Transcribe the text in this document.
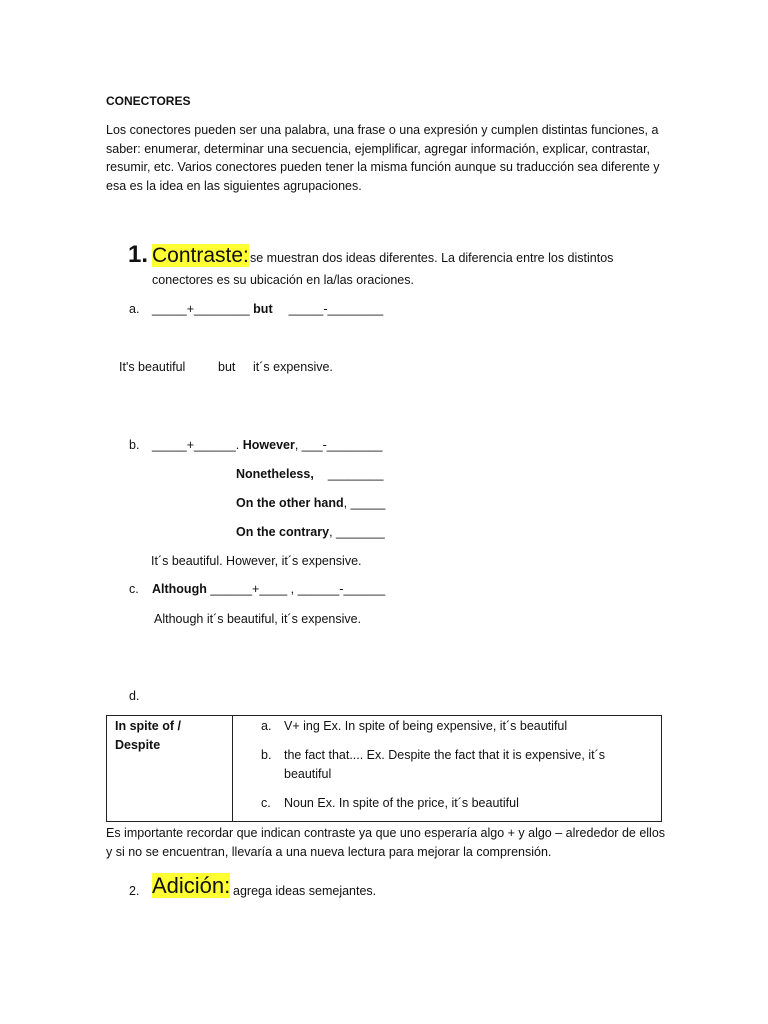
CONECTORES
Los conectores pueden ser una palabra, una frase o una expresión y cumplen distintas funciones, a saber: enumerar, determinar una secuencia, ejemplificar, agregar información, explicar, contrastar, resumir, etc. Varios conectores pueden tener la misma función aunque su traducción sea diferente y esa es la idea en las siguientes agrupaciones.
1. Contraste: se muestran dos ideas diferentes. La diferencia entre los distintos
conectores es su ubicación en la/las oraciones.
a. _____+________ but _____-________
It's beautiful	but it´s expensive.
b. _____+______. However, ___-________
Nonetheless, ________
On the other hand, _____
On the contrary, _______
It´s beautiful. However, it´s expensive.
c. Although ______+____ , ______-______
Although it´s beautiful, it´s expensive.
d.
In spite of /
Despite

a. V+ ing Ex. In spite of being expensive, it´s beautiful
b. the fact that.... Ex. Despite the fact that it is expensive, it´s
beautiful
c. Noun Ex. In spite of the price, it´s beautiful
Es importante recordar que indican contraste ya que uno esperaría algo + y algo – alrededor de ellos y si no se encuentran, llevaría a una nueva lectura para mejorar la comprensión.
2. Adición: agrega ideas semejantes.
